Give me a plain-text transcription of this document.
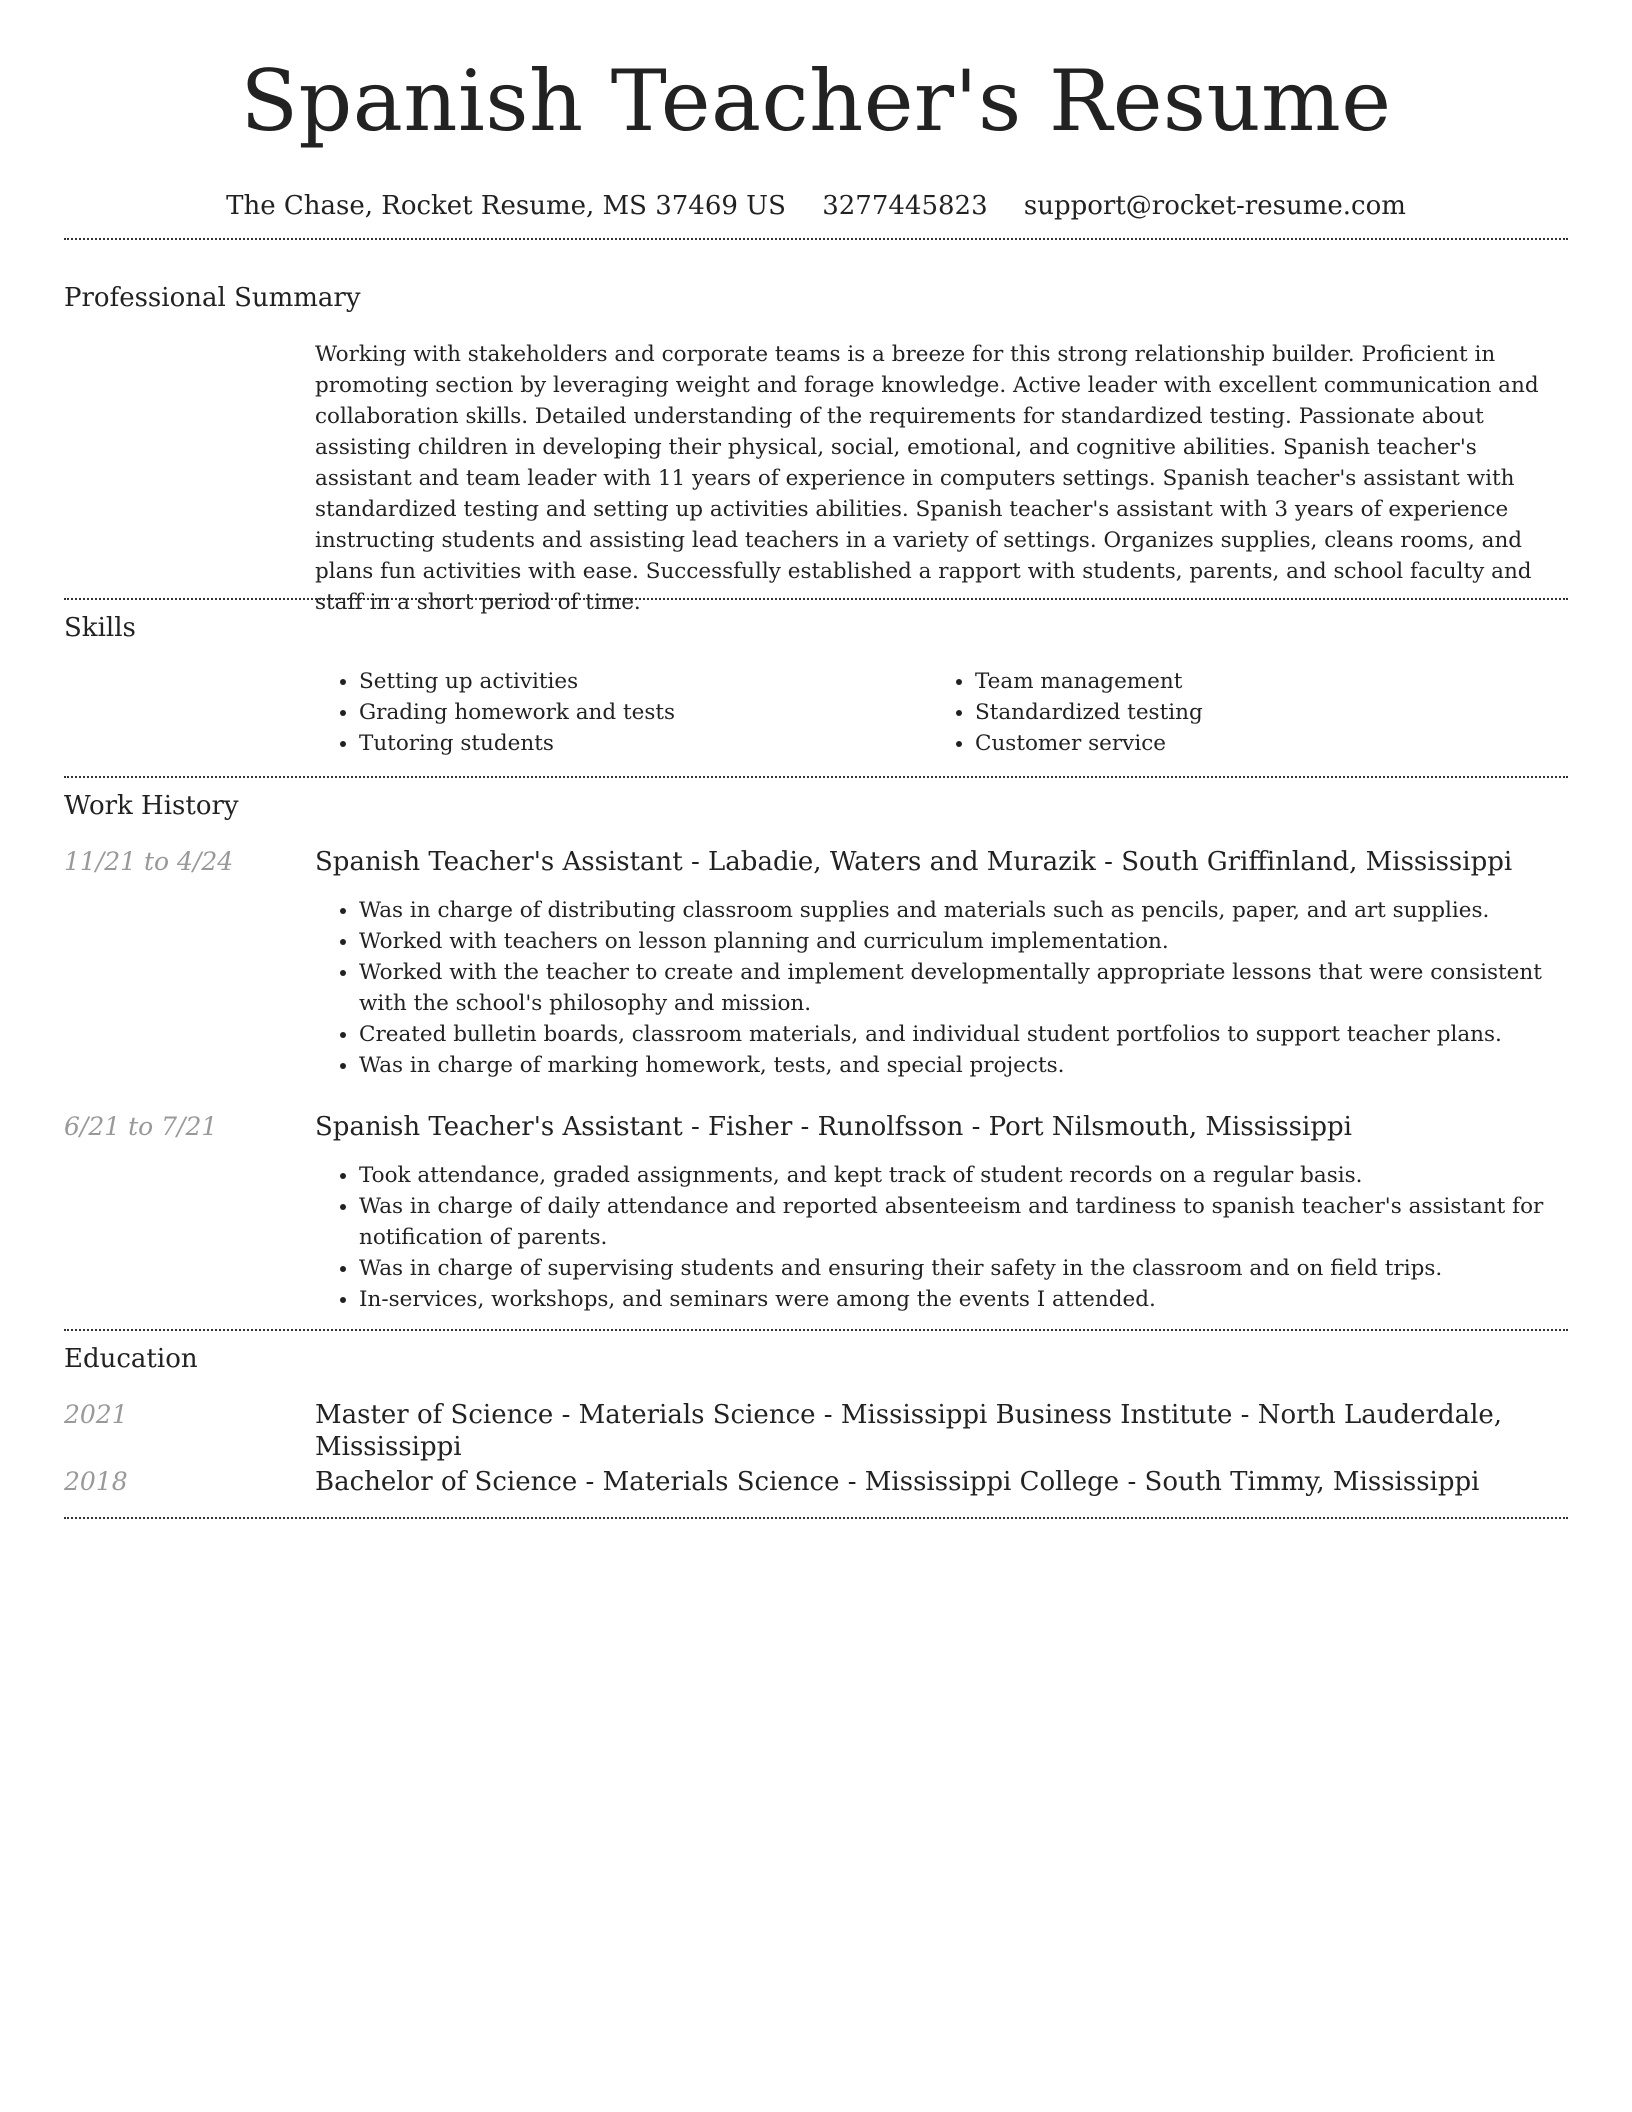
Spanish Teacher's Resume
The Chase, Rocket Resume, MS 37469 US 3277445823 support@rocket-resume.com
Professional Summary

Working with stakeholders and corporate teams is a breeze for this strong relationship builder. Proficient in promoting section by leveraging weight and forage knowledge. Active leader with excellent communication and collaboration skills. Detailed understanding of the requirements for standardized testing. Passionate about assisting children in developing their physical, social, emotional, and cognitive abilities. Spanish teacher's assistant and team leader with 11 years of experience in computers settings. Spanish teacher's assistant with standardized testing and setting up activities abilities. Spanish teacher's assistant with 3 years of experience instructing students and assisting lead teachers in a variety of settings. Organizes supplies, cleans rooms, and plans fun activities with ease. Successfully established a rapport with students, parents, and school faculty and staff in a short period of time.

Skills
• Setting up activities
• Grading homework and tests
• Tutoring students
• Team management
• Standardized testing
• Customer service
Work History
11/21 to 4/24	Spanish Teacher's Assistant - Labadie, Waters and Murazik - South Griffinland, Mississippi
• Was in charge of distributing classroom supplies and materials such as pencils, paper, and art supplies.
• Worked with teachers on lesson planning and curriculum implementation.
• Worked with the teacher to create and implement developmentally appropriate lessons that were consistent with the school's philosophy and mission.
• Created bulletin boards, classroom materials, and individual student portfolios to support teacher plans.
• Was in charge of marking homework, tests, and special projects.
6/21 to 7/21	Spanish Teacher's Assistant - Fisher - Runolfsson - Port Nilsmouth, Mississippi
• Took attendance, graded assignments, and kept track of student records on a regular basis.
• Was in charge of daily attendance and reported absenteeism and tardiness to spanish teacher's assistant for notification of parents.
• Was in charge of supervising students and ensuring their safety in the classroom and on field trips.
• In-services, workshops, and seminars were among the events I attended.
Education
2021	Master of Science - Materials Science - Mississippi Business Institute - North Lauderdale, Mississippi
2018	Bachelor of Science - Materials Science - Mississippi College - South Timmy, Mississippi
